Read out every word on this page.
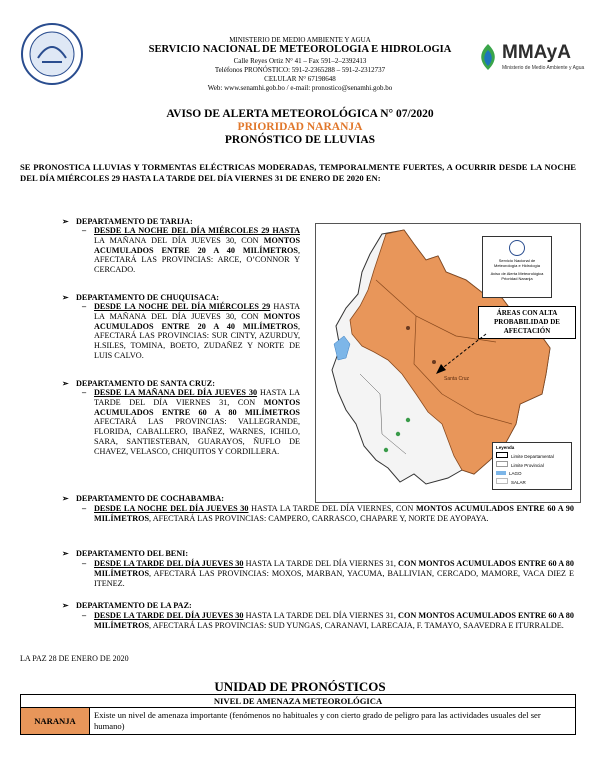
MINISTERIO DE MEDIO AMBIENTE Y AGUA
SERVICIO NACIONAL DE METEOROLOGIA E HIDROLOGIA
Calle Reyes Ortiz N° 41 – Fax 591–2–2392413
Teléfonos PRONÓSTICO: 591-2-2365288 – 591-2-2312737
CELULAR N° 67198648
Web: www.senamhi.gob.bo / e-mail: pronostico@senamhi.gob.bo
MMAyA
Ministerio de Medio Ambiente y Agua
AVISO DE ALERTA METEOROLÓGICA N° 07/2020
PRIORIDAD NARANJA
PRONÓSTICO DE LLUVIAS
SE PRONOSTICA LLUVIAS Y TORMENTAS ELÉCTRICAS MODERADAS, TEMPORALMENTE FUERTES, A OCURRIR DESDE LA NOCHE DEL DÍA MIÉRCOLES 29 HASTA LA TARDE DEL DÍA VIERNES 31 DE ENERO DE 2020 EN:
➢ DEPARTAMENTO DE TARIJA:
– DESDE LA NOCHE DEL DÍA MIÉRCOLES 29 HASTA LA MAÑANA DEL DÍA JUEVES 30, CON MONTOS ACUMULADOS ENTRE 20 A 40 MILÍMETROS, AFECTARÁ LAS PROVINCIAS: ARCE, O’CONNOR Y CERCADO.
➢ DEPARTAMENTO DE CHUQUISACA:
– DESDE LA NOCHE DEL DÍA MIÉRCOLES 29 HASTA LA MAÑANA DEL DÍA JUEVES 30, CON MONTOS ACUMULADOS ENTRE 20 A 40 MILÍMETROS, AFECTARÁ LAS PROVINCIAS: SUR CINTY, AZURDUY, H.SILES, TOMINA, BOETO, ZUDAÑEZ Y NORTE DE LUIS CALVO.
➢ DEPARTAMENTO DE SANTA CRUZ:
– DESDE LA MAÑANA DEL DÍA JUEVES 30 HASTA LA TARDE DEL DÍA VIERNES 31, CON MONTOS ACUMULADOS ENTRE 60 A 80 MILÍMETROS AFECTARÁ LAS PROVINCIAS: VALLEGRANDE, FLORIDA, CABALLERO, IBAÑEZ, WARNES, ICHILO, SARA, SANTIESTEBAN, GUARAYOS, ÑUFLO DE CHAVEZ, VELASCO, CHIQUITOS Y CORDILLERA.
➢ DEPARTAMENTO DE COCHABAMBA:
– DESDE LA NOCHE DEL DÍA JUEVES 30 HASTA LA TARDE DEL DÍA VIERNES, CON MONTOS ACUMULADOS ENTRE 60 A 90 MILÍMETROS, AFECTARÁ LAS PROVINCIAS: CAMPERO, CARRASCO, CHAPARE Y, NORTE DE AYOPAYA.
➢ DEPARTAMENTO DEL BENI:
– DESDE LA TARDE DEL DÍA JUEVES 30 HASTA LA TARDE DEL DÍA VIERNES 31, CON MONTOS ACUMULADOS ENTRE 60 A 80 MILÍMETROS, AFECTARÁ LAS PROVINCIAS: MOXOS, MARBAN, YACUMA, BALLIVIAN, CERCADO, MAMORE, VACA DIEZ E ITENEZ.
➢ DEPARTAMENTO DE LA PAZ:
– DESDE LA TARDE DEL DÍA JUEVES 30 HASTA LA TARDE DEL DÍA VIERNES 31, CON MONTOS ACUMULADOS ENTRE 60 A 80 MILÍMETROS, AFECTARÁ LAS PROVINCIAS: SUD YUNGAS, CARANAVI, LARECAJA, F. TAMAYO, SAAVEDRA E ITURRALDE.
Santa Cruz
Servicio Nacional de
Meteorología e Hidrología
Aviso de Alerta Meteorológica
Prioridad Naranja
Leyenda
Limite Departamental
Limite Provincial
LAGO
SALAR
ÁREAS CON ALTA PROBABILIDAD DE AFECTACIÓN
LA PAZ 28 DE ENERO DE 2020
UNIDAD DE PRONÓSTICOS
NIVEL DE AMENAZA METEOROLÓGICA
NARANJA	Existe un nivel de amenaza importante (fenómenos no habituales y con cierto grado de peligro para las actividades usuales del ser humano)
